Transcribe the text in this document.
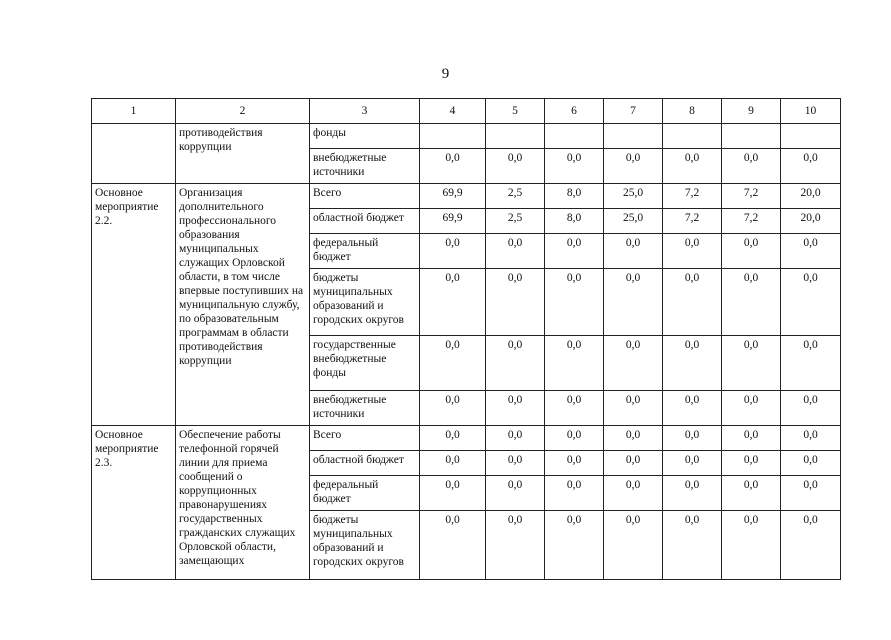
9
1	2	3	4	5	6	7	8	9	10
	противодействия коррупции	фонды							
		внебюджетные источники	0,0	0,0	0,0	0,0	0,0	0,0	0,0
Основное мероприятие 2.2.	Организация дополнительного профессионального образования муниципальных служащих Орловской области, в том числе впервые поступивших на муниципальную службу, по образовательным программам в области противодействия коррупции	Всего	69,9	2,5	8,0	25,0	7,2	7,2	20,0
		областной бюджет	69,9	2,5	8,0	25,0	7,2	7,2	20,0
		федеральный бюджет	0,0	0,0	0,0	0,0	0,0	0,0	0,0
		бюджеты муниципальных образований и городских округов	0,0	0,0	0,0	0,0	0,0	0,0	0,0
		государственные внебюджетные фонды	0,0	0,0	0,0	0,0	0,0	0,0	0,0
		внебюджетные источники	0,0	0,0	0,0	0,0	0,0	0,0	0,0
Основное мероприятие 2.3.	Обеспечение работы телефонной горячей линии для приема сообщений о коррупционных правонарушениях государственных гражданских служащих Орловской области, замещающих	Всего	0,0	0,0	0,0	0,0	0,0	0,0	0,0
		областной бюджет	0,0	0,0	0,0	0,0	0,0	0,0	0,0
		федеральный бюджет	0,0	0,0	0,0	0,0	0,0	0,0	0,0
		бюджеты муниципальных образований и городских округов	0,0	0,0	0,0	0,0	0,0	0,0	0,0
